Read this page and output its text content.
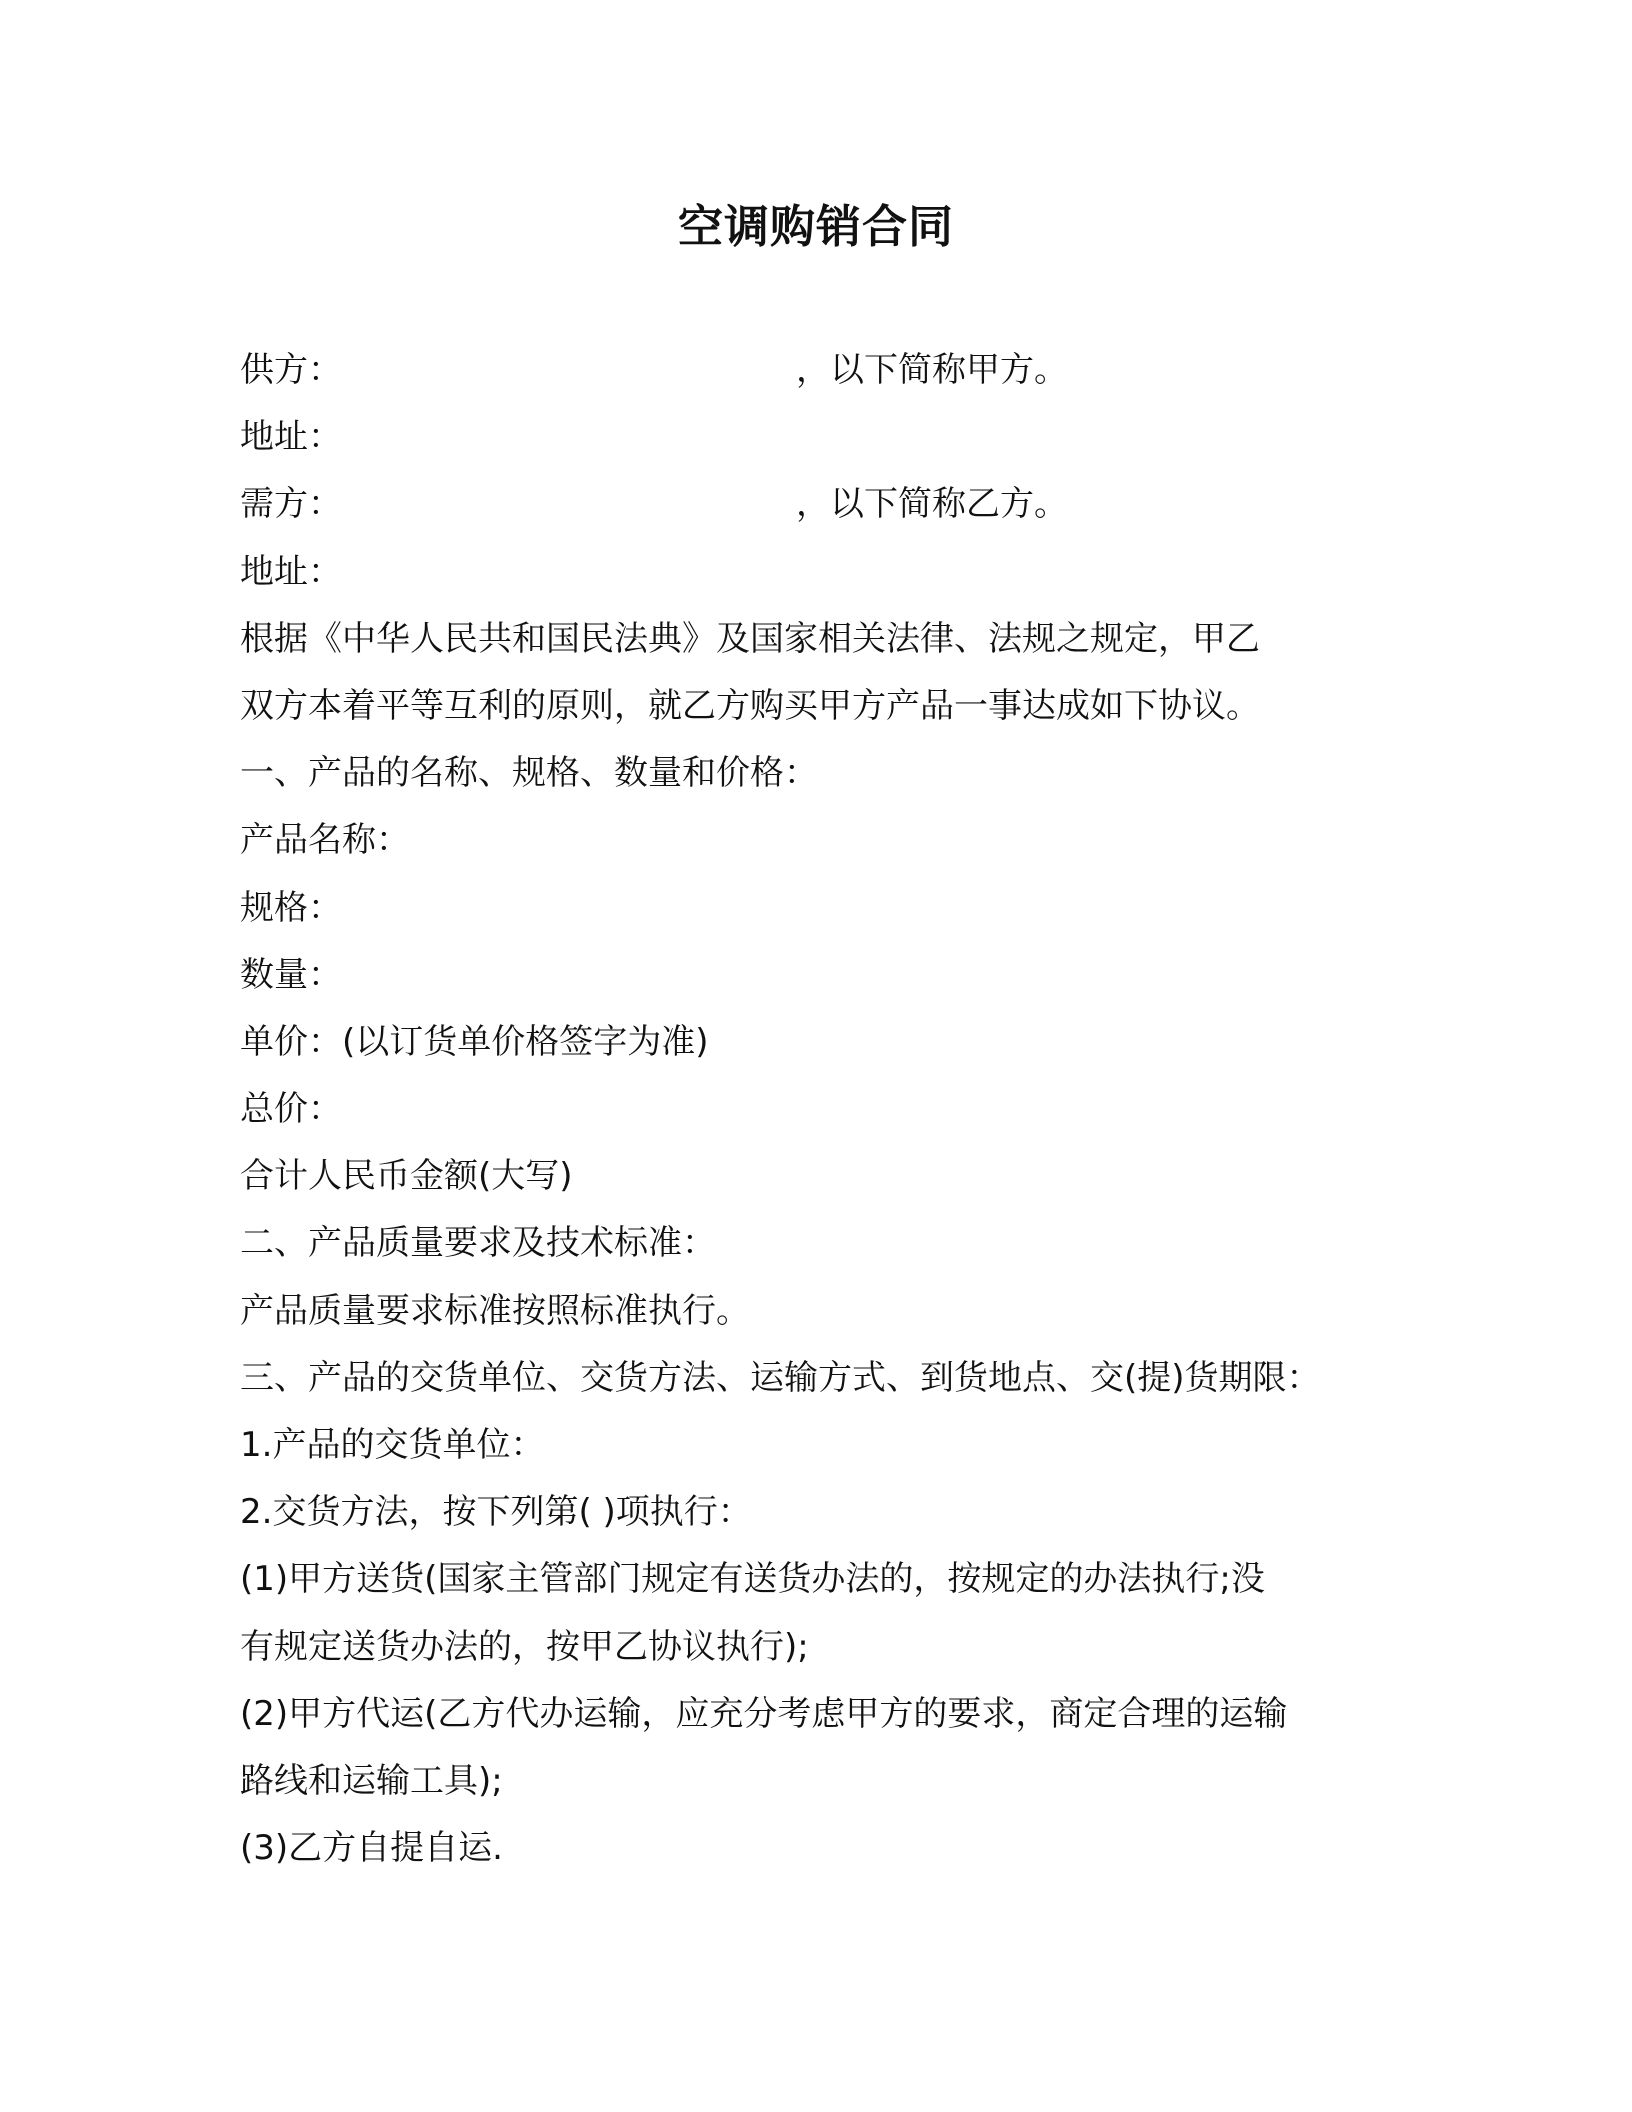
空调购销合同
供方：	，以下简称甲方。
地址：
需方：	，以下简称乙方。
地址：
根据《中华人民共和国民法典》及国家相关法律、法规之规定，甲乙
双方本着平等互利的原则，就乙方购买甲方产品一事达成如下协议。
一、产品的名称、规格、数量和价格：
产品名称：
规格：
数量：
单价：(以订货单价格签字为准)
总价：
合计人民币金额(大写)
二、产品质量要求及技术标准：
产品质量要求标准按照标准执行。
三、产品的交货单位、交货方法、运输方式、到货地点、交(提)货期限：
1.产品的交货单位：
2.交货方法，按下列第( )项执行：
(1)甲方送货(国家主管部门规定有送货办法的，按规定的办法执行;没
有规定送货办法的，按甲乙协议执行);
(2)甲方代运(乙方代办运输，应充分考虑甲方的要求，商定合理的运输
路线和运输工具);
(3)乙方自提自运.
